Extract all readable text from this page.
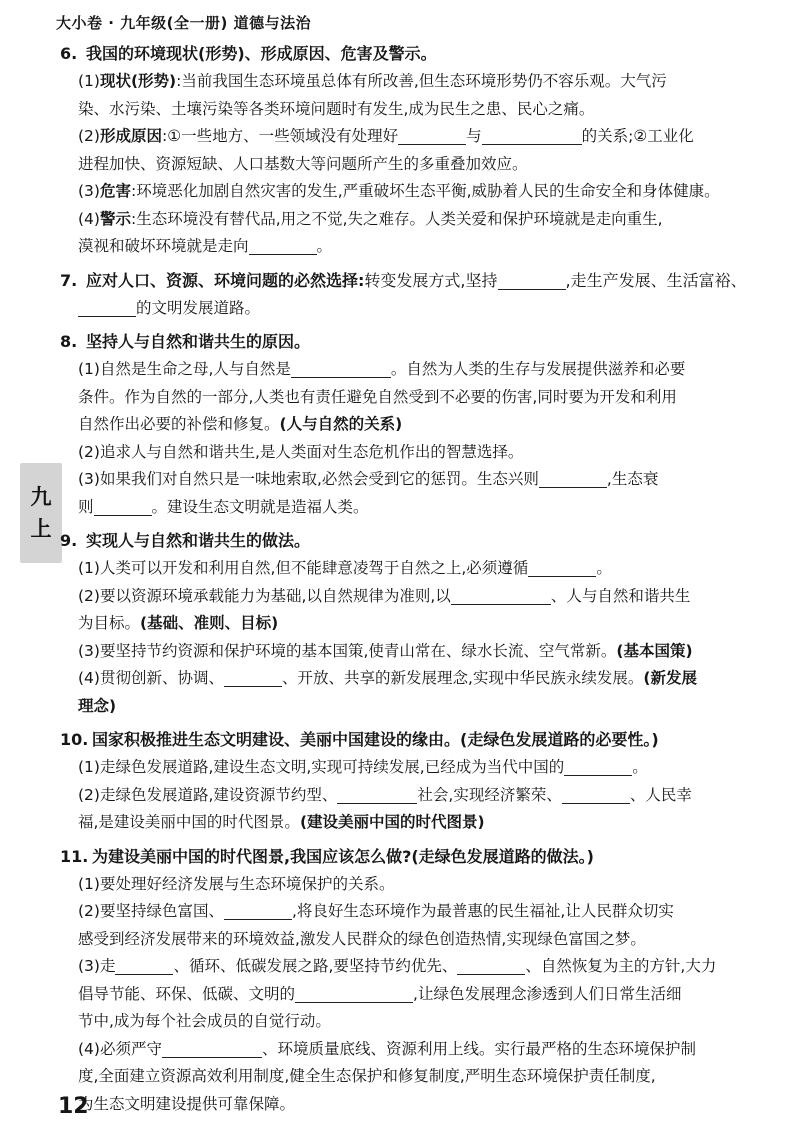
大小卷 · 九年级(全一册) 道德与法治
九
上
6. 我国的环境现状(形势)、形成原因、危害及警示。
(1)现状(形势):当前我国生态环境虽总体有所改善,但生态环境形势仍不容乐观。大气污
染、水污染、土壤污染等各类环境问题时有发生,成为民生之患、民心之痛。
(2)形成原因:①一些地方、一些领域没有处理好	与	的关系;②工业化
进程加快、资源短缺、人口基数大等问题所产生的多重叠加效应。
(3)危害:环境恶化加剧自然灾害的发生,严重破坏生态平衡,威胁着人民的生命安全和身体健康。
(4)警示:生态环境没有替代品,用之不觉,失之难存。人类关爱和保护环境就是走向重生,
漠视和破坏环境就是走向	。
7. 应对人口、资源、环境问题的必然选择:转变发展方式,坚持	,走生产发展、生活富裕、
的文明发展道路。
8. 坚持人与自然和谐共生的原因。
(1)自然是生命之母,人与自然是	。自然为人类的生存与发展提供滋养和必要
条件。作为自然的一部分,人类也有责任避免自然受到不必要的伤害,同时要为开发和利用
自然作出必要的补偿和修复。(人与自然的关系)
(2)追求人与自然和谐共生,是人类面对生态危机作出的智慧选择。
(3)如果我们对自然只是一味地索取,必然会受到它的惩罚。生态兴则	,生态衰
则	。建设生态文明就是造福人类。
9. 实现人与自然和谐共生的做法。
(1)人类可以开发和利用自然,但不能肆意凌驾于自然之上,必须遵循	。
(2)要以资源环境承载能力为基础,以自然规律为准则,以	、人与自然和谐共生
为目标。(基础、准则、目标)
(3)要坚持节约资源和保护环境的基本国策,使青山常在、绿水长流、空气常新。(基本国策)
(4)贯彻创新、协调、	、开放、共享的新发展理念,实现中华民族永续发展。(新发展
理念)
10. 国家积极推进生态文明建设、美丽中国建设的缘由。(走绿色发展道路的必要性。)
(1)走绿色发展道路,建设生态文明,实现可持续发展,已经成为当代中国的	。
(2)走绿色发展道路,建设资源节约型、	社会,实现经济繁荣、	、人民幸
福,是建设美丽中国的时代图景。(建设美丽中国的时代图景)
11. 为建设美丽中国的时代图景,我国应该怎么做?(走绿色发展道路的做法。)
(1)要处理好经济发展与生态环境保护的关系。
(2)要坚持绿色富国、	,将良好生态环境作为最普惠的民生福祉,让人民群众切实
感受到经济发展带来的环境效益,激发人民群众的绿色创造热情,实现绿色富国之梦。
(3)走	、循环、低碳发展之路,要坚持节约优先、	、自然恢复为主的方针,大力
倡导节能、环保、低碳、文明的	,让绿色发展理念渗透到人们日常生活细
节中,成为每个社会成员的自觉行动。
(4)必须严守	、环境质量底线、资源利用上线。实行最严格的生态环境保护制
度,全面建立资源高效利用制度,健全生态保护和修复制度,严明生态环境保护责任制度,
为生态文明建设提供可靠保障。
12
